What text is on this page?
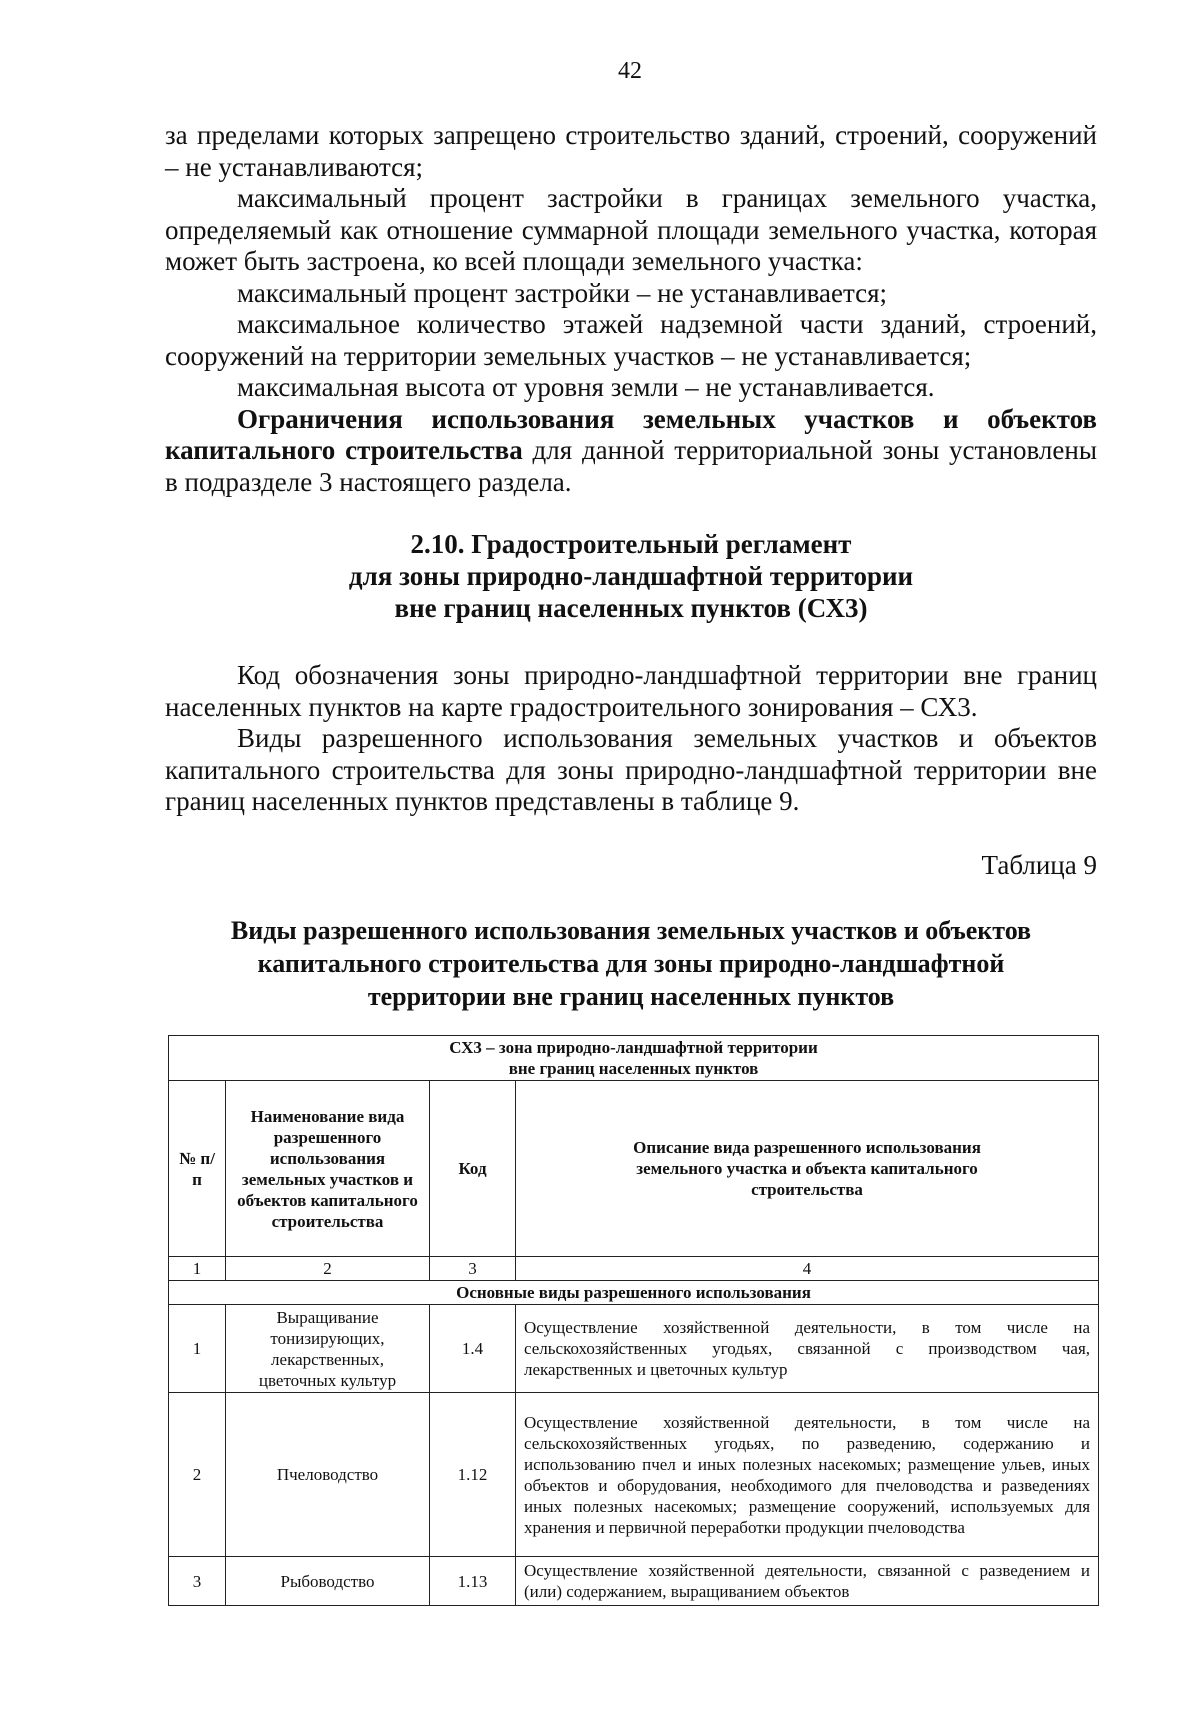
42

за пределами которых запрещено строительство зданий, строений, сооружений – не устанавливаются;

максимальный процент застройки в границах земельного участка, определяемый как отношение суммарной площади земельного участка, которая может быть застроена, ко всей площади земельного участка:

максимальный процент застройки – не устанавливается;

максимальное количество этажей надземной части зданий, строений, сооружений на территории земельных участков – не устанавливается;

максимальная высота от уровня земли – не устанавливается.

Ограничения использования земельных участков и объектов капитального строительства для данной территориальной зоны установлены в подразделе 3 настоящего раздела.

2.10. Градостроительный регламент
для зоны природно-ландшафтной территории
вне границ населенных пунктов (СХ3)

Код обозначения зоны природно-ландшафтной территории вне границ населенных пунктов на карте градостроительного зонирования – СХ3.

Виды разрешенного использования земельных участков и объектов капитального строительства для зоны природно-ландшафтной территории вне границ населенных пунктов представлены в таблице 9.

Таблица 9
Виды разрешенного использования земельных участков и объектов
капитального строительства для зоны природно-ландшафтной
территории вне границ населенных пунктов
СХ3 – зона природно-ландшафтной территории
вне границ населенных пунктов			

№ п/п	Наименование вида разрешенного использования земельных участков и объектов капитального строительства	Код	Описание вида разрешенного использования земельного участка и объекта капитального строительства
1	2	3	4
Основные виды разрешенного использования			
1	Выращивание тонизирующих, лекарственных, цветочных культур	1.4	Осуществление хозяйственной деятельности, в том числе на сельскохозяйственных угодьях, связанной с производством чая, лекарственных и цветочных культур
2	Пчеловодство	1.12	Осуществление хозяйственной деятельности, в том числе на сельскохозяйственных угодьях, по разведению, содержанию и использованию пчел и иных полезных насекомых; размещение ульев, иных объектов и оборудования, необходимого для пчеловодства и разведениях иных полезных насекомых; размещение сооружений, используемых для хранения и первичной переработки продукции пчеловодства
3	Рыбоводство	1.13	Осуществление хозяйственной деятельности, связанной с разведением и (или) содержанием, выращиванием объектов
